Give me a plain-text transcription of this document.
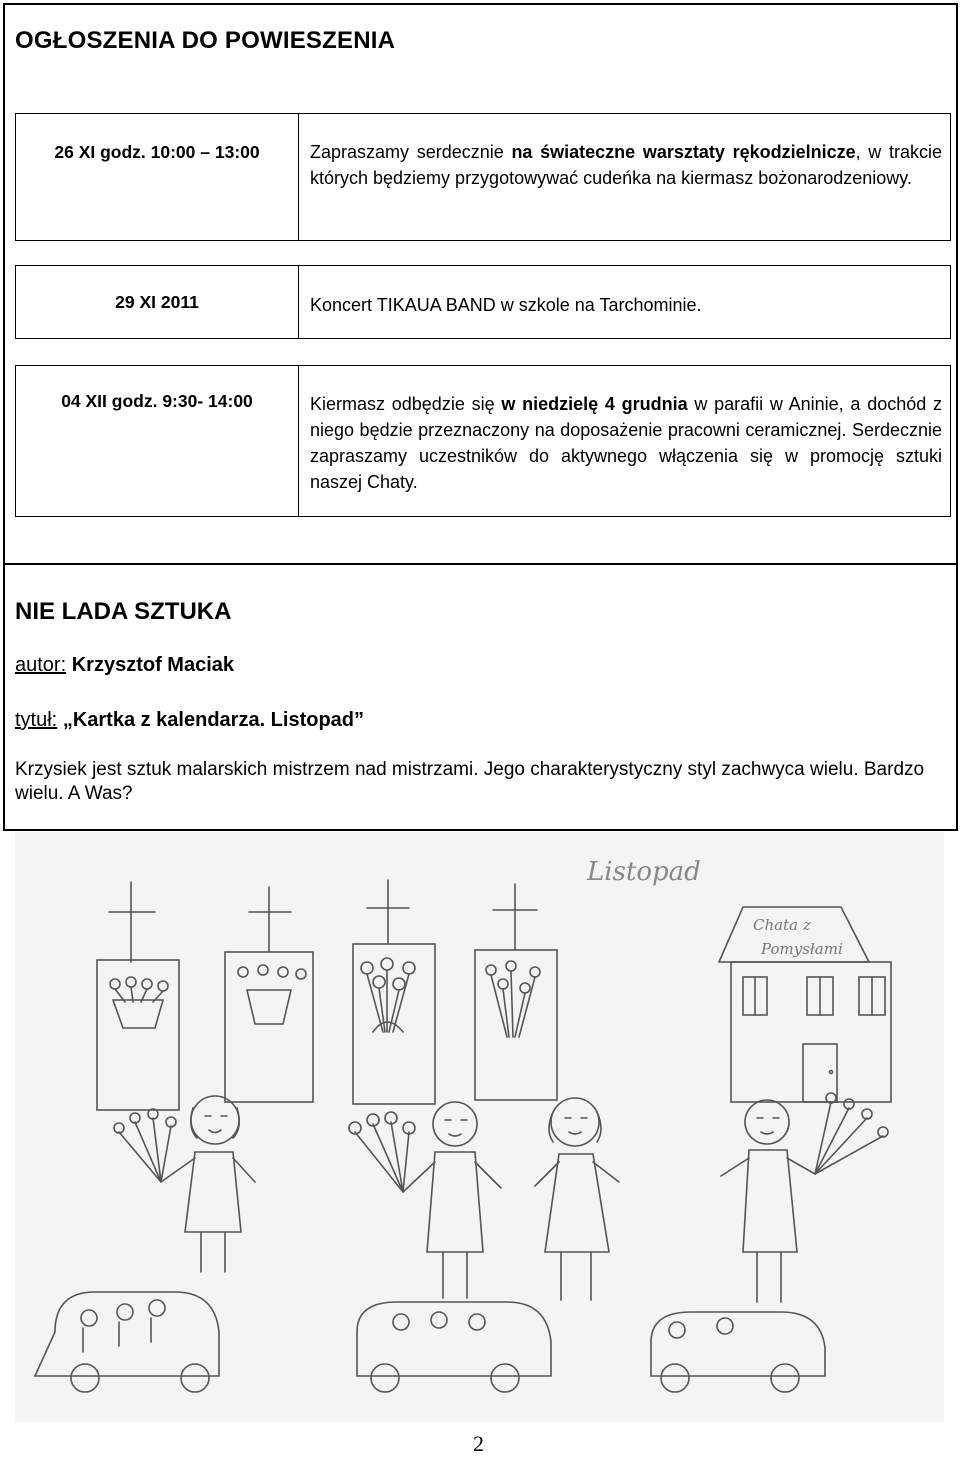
OGŁOSZENIA DO POWIESZENIA
26 XI godz. 10:00 – 13:00	Zapraszamy serdecznie na świateczne warsztaty rękodzielnicze, w trakcie których będziemy przygotowywać cudeńka na kiermasz bożonarodzeniowy.
29 XI 2011	Koncert TIKAUA BAND w szkole na Tarchominie.
04 XII godz. 9:30- 14:00	Kiermasz odbędzie się w niedzielę 4 grudnia w parafii w Aninie, a dochód z niego będzie przeznaczony na doposażenie pracowni ceramicznej. Serdecznie zapraszamy uczestników do aktywnego włączenia się w promocję sztuki naszej Chaty.
NIE LADA SZTUKA
autor: Krzysztof Maciak
tytuł: „Kartka z kalendarza. Listopad”
Krzysiek jest sztuk malarskich mistrzem nad mistrzami. Jego charakterystyczny styl zachwyca wielu. Bardzo wielu. A Was?
Listopad
Chata z
Pomysłami
2
